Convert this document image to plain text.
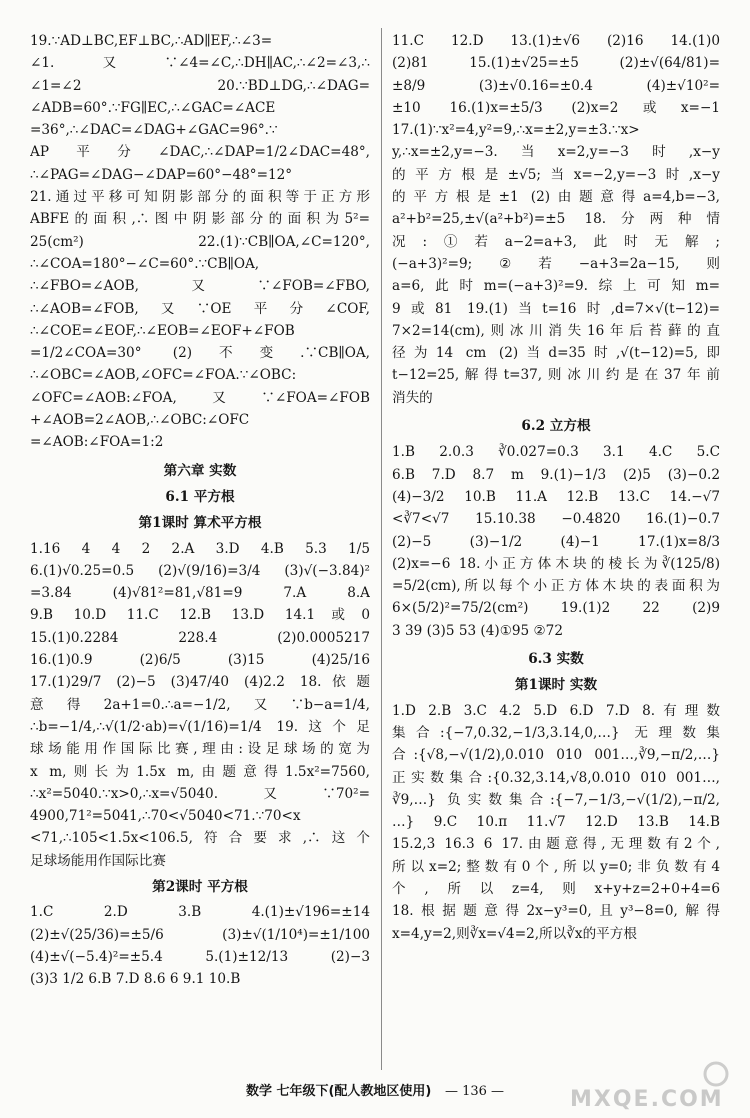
19.∵AD⊥BC,EF⊥BC,∴AD∥EF,∴∠3=
∠1.又∵∠4=∠C,∴DH∥AC,∴∠2=∠3,∴
∠1=∠2 20.∵BD⊥DG,∴∠DAG=
∠ADB=60°.∵FG∥EC,∴∠GAC=∠ACE
=36°,∴∠DAC=∠DAG+∠GAC=96°.∵
AP平分∠DAC,∴∠DAP=1/2∠DAC=48°,
∴∠PAG=∠DAG−∠DAP=60°−48°=12°
21.通过平移可知阴影部分的面积等于正方形
ABFE的面积,∴图中阴影部分的面积为5²=
25(cm²) 22.(1)∵CB∥OA,∠C=120°,
∴∠COA=180°−∠C=60°.∵CB∥OA,
∴∠FBO=∠AOB,又∵∠FOB=∠FBO,
∴∠AOB=∠FOB,又∵OE平分∠COF,
∴∠COE=∠EOF,∴∠EOB=∠EOF+∠FOB
=1/2∠COA=30° (2)不变.∵CB∥OA,
∴∠OBC=∠AOB,∠OFC=∠FOA.∵∠OBC:
∠OFC=∠AOB:∠FOA,又∵∠FOA=∠FOB
+∠AOB=2∠AOB,∴∠OBC:∠OFC
=∠AOB:∠FOA=1:2
第六章 实数
6.1 平方根
第1课时 算术平方根
1.16 4 4 2 2.A 3.D 4.B 5.3 1/5
6.(1)√0.25=0.5 (2)√(9/16)=3/4 (3)√(−3.84)²
=3.84 (4)√81²=81,√81=9 7.A 8.A
9.B 10.D 11.C 12.B 13.D 14.1或0
15.(1)0.2284 228.4 (2)0.0005217
16.(1)0.9 (2)6/5 (3)15 (4)25/16
17.(1)29/7 (2)−5 (3)47/40 (4)2.2 18.依题
意得2a+1=0.∴a=−1/2,又∵b−a=1/4,
∴b=−1/4,∴√(1/2·ab)=√(1/16)=1/4 19.这个足
球场能用作国际比赛,理由:设足球场的宽为
x m,则长为1.5x m,由题意得1.5x²=7560,
∴x²=5040.∵x>0,∴x=√5040.又∵70²=
4900,71²=5041,∴70<√5040<71.∵70<x
<71,∴105<1.5x<106.5,符合要求,∴这个
足球场能用作国际比赛
第2课时 平方根
1.C 2.D 3.B 4.(1)±√196=±14
(2)±√(25/36)=±5/6 (3)±√(1/10⁴)=±1/100
(4)±√(−5.4)²=±5.4 5.(1)±12/13 (2)−3
(3)3 1/2 6.B 7.D 8.6 6 9.1 10.B
11.C 12.D 13.(1)±√6 (2)16 14.(1)0
(2)81 15.(1)±√25=±5 (2)±√(64/81)=
±8/9 (3)±√0.16=±0.4 (4)±√10²=
±10 16.(1)x=±5/3 (2)x=2或x=−1
17.(1)∵x²=4,y²=9,∴x=±2,y=±3.∵x>
y,∴x=±2,y=−3.当x=2,y=−3时,x−y
的平方根是±√5;当x=−2,y=−3时,x−y
的平方根是±1 (2)由题意得a=4,b=−3,
a²+b²=25,±√(a²+b²)=±5 18.分两种情
况:①若a−2=a+3,此时无解;
(−a+3)²=9;②若−a+3=2a−15,则
a=6,此时m=(−a+3)²=9.综上可知m=
9或81 19.(1)当t=16时,d=7×√(t−12)=
7×2=14(cm),则冰川消失16年后苔藓的直
径为14 cm (2)当d=35时,√(t−12)=5,即
t−12=25,解得t=37,则冰川约是在37年前
消失的
6.2 立方根
1.B 2.0.3 ∛0.027=0.3 3.1 4.C 5.C
6.B 7.D 8.7 m 9.(1)−1/3 (2)5 (3)−0.2
(4)−3/2 10.B 11.A 12.B 13.C 14.−√7
<∛7<√7 15.10.38 −0.4820 16.(1)−0.7
(2)−5 (3)−1/2 (4)−1 17.(1)x=8/3
(2)x=−6 18.小正方体木块的棱长为∛(125/8)
=5/2(cm),所以每个小正方体木块的表面积为
6×(5/2)²=75/2(cm²) 19.(1)2 22 (2)9
3 39 (3)5 53 (4)①95 ②72
6.3 实数
第1课时 实数
1.D 2.B 3.C 4.2 5.D 6.D 7.D 8.有理数
集合:{−7,0.32,−1/3,3.14,0,…} 无理数集
合:{√8,−√(1/2),0.010 010 001…,∛9,−π/2,…}
正实数集合:{0.32,3.14,√8,0.010 010 001…,
∛9,…} 负实数集合:{−7,−1/3,−√(1/2),−π/2,
…} 9.C 10.π 11.√7 12.D 13.B 14.B
15.2,3 16.3 6 17.由题意得,无理数有2个,
所以x=2;整数有0个,所以y=0;非负数有4
个,所以z=4,则x+y+z=2+0+4=6
18.根据题意得2x−y³=0,且y³−8=0,解得
x=4,y=2,则∛x=√4=2,所以∛x的平方根
数学 七年级下(配人教地区使用) — 136 —	MXQE.COM
